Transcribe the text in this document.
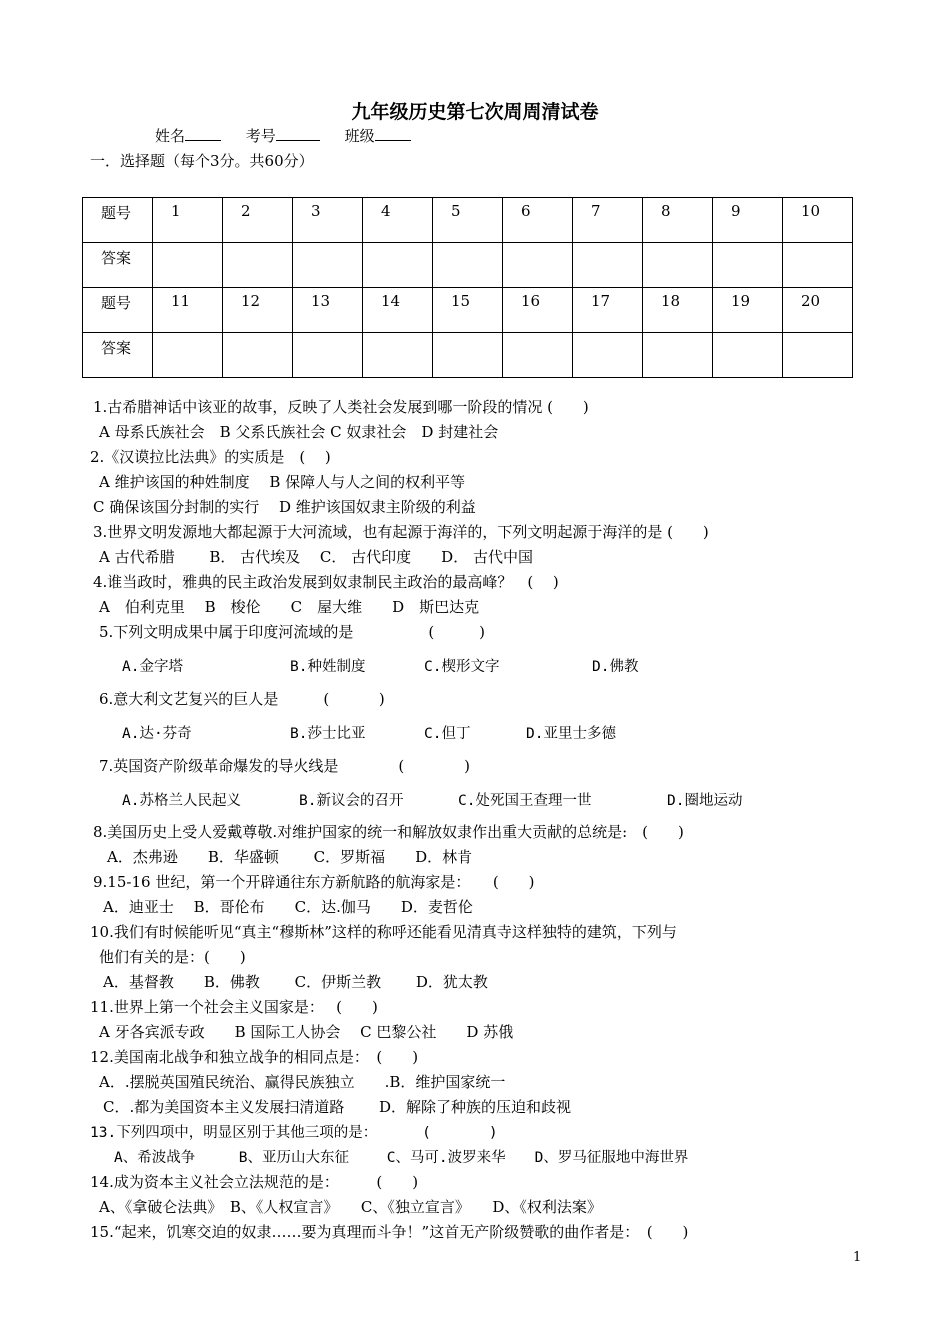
九年级历史第七次周周清试卷
姓名	考号	班级
一．选择题（每个3分。共60分）
题号	1	2	3	4	5	6	7	8	9	10
答案										
题号	11	12	13	14	15	16	17	18	19	20
答案										
1.古希腊神话中该亚的故事，反映了人类社会发展到哪一阶段的情况 (　　)
A 母系氏族社会　B 父系氏族社会 C 奴隶社会　D 封建社会
2.《汉谟拉比法典》的实质是　(　 )
A 维护该国的种姓制度　 B 保障人与人之间的权利平等
C 确保该国分封制的实行　 D 维护该国奴隶主阶级的利益
3.世界文明发源地大都起源于大河流域，也有起源于海洋的，下列文明起源于海洋的是 (　　)
A 古代希腊　　 B． 古代埃及　 C． 古代印度　　D． 古代中国
4.谁当政时，雅典的民主政治发展到奴隶制民主政治的最高峰？　(　 )
A　伯利克里　 B　梭伦　　C　屋大维　　D　斯巴达克
5.下列文明成果中属于印度河流域的是　　　　　(　　　)
A.金字塔	B.种姓制度	C.楔形文字	D.佛教
6.意大利文艺复兴的巨人是　　　(　　　 )
A.达·芬奇	B.莎士比亚	C.但丁	D.亚里士多德
7.英国资产阶级革命爆发的导火线是　　　　(　　　　)
A.苏格兰人民起义	B.新议会的召开	C.处死国王查理一世	D.圈地运动
8.美国历史上受人爱戴尊敬.对维护国家的统一和解放奴隶作出重大贡献的总统是:　(　　)
A．杰弗逊　　B．华盛顿　　 C．罗斯福　　D．林肯
9.15-16 世纪，第一个开辟通往东方新航路的航海家是：　　(　　)
A．迪亚士　 B．哥伦布　　C．达.伽马　　D．麦哲伦
10.我们有时候能听见“真主“穆斯林”这样的称呼还能看见清真寺这样独特的建筑，下列与
他们有关的是：(　　)
A．基督教　　B．佛教　　 C．伊斯兰教　　 D．犹太教
11.世界上第一个社会主义国家是：　 (　　)
A 牙各宾派专政　　B 国际工人协会　 C 巴黎公社　　D 苏俄
12.美国南北战争和独立战争的相同点是：　(　　)
A．.摆脱英国殖民统治、赢得民族独立　　.B．维护国家统一
C．.都为美国资本主义发展扫清道路　　 D．解除了种族的压迫和歧视
13.下列四项中，明显区别于其他三项的是：　　　 (　　　　)
A、希波战争　　　B、亚历山大东征　　 C、马可.波罗来华　　D、罗马征服地中海世界
14.成为资本主义社会立法规范的是：　　　(　　)
A、《拿破仑法典》　B、《人权宣言》　　C、《独立宣言》　　D、《权利法案》
15.“起来，饥寒交迫的奴隶……要为真理而斗争！”这首无产阶级赞歌的曲作者是：　(　　)
1
